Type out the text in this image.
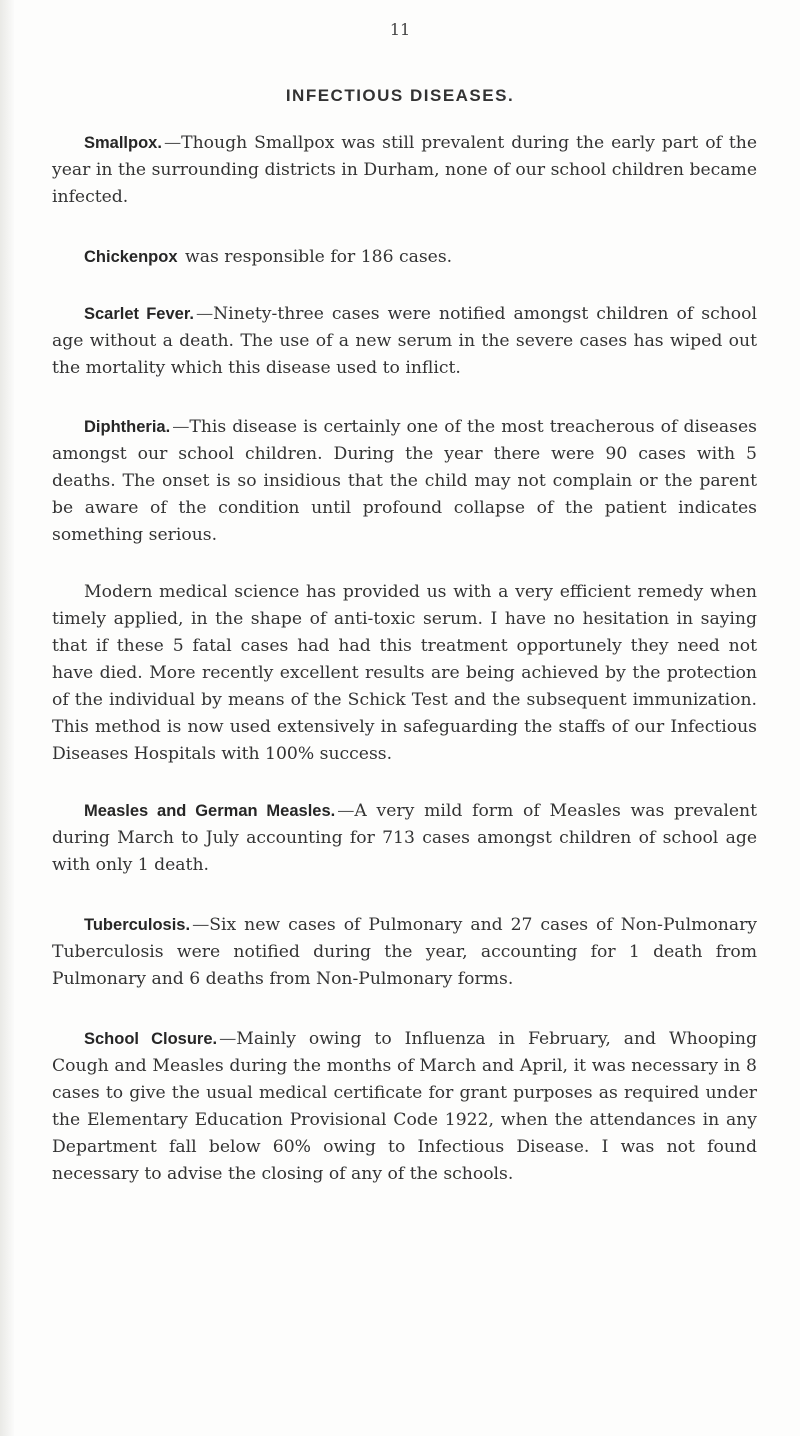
11
INFECTIOUS DISEASES.

Smallpox. —Though Smallpox was still prevalent during the early part of the year in the surrounding districts in Durham, none of our school children became infected.

Chickenpox was responsible for 186 cases.

Scarlet Fever. —Ninety-three cases were notified amongst children of school age without a death. The use of a new serum in the severe cases has wiped out the mortality which this disease used to inflict.

Diphtheria. —This disease is certainly one of the most treacherous of diseases amongst our school children. During the year there were 90 cases with 5 deaths. The onset is so insidious that the child may not complain or the parent be aware of the condition until profound collapse of the patient indicates something serious.

Modern medical science has provided us with a very efficient remedy when timely applied, in the shape of anti-toxic serum. I have no hesitation in saying that if these 5 fatal cases had had this treatment opportunely they need not have died. More recently excellent results are being achieved by the protection of the individual by means of the Schick Test and the subsequent immunization. This method is now used extensively in safeguarding the staffs of our Infectious Diseases Hospitals with 100% success.

Measles and German Measles. —A very mild form of Measles was prevalent during March to July accounting for 713 cases amongst children of school age with only 1 death.

Tuberculosis. —Six new cases of Pulmonary and 27 cases of Non-Pulmonary Tuberculosis were notified during the year, accounting for 1 death from Pulmonary and 6 deaths from Non-Pulmonary forms.

School Closure. —Mainly owing to Influenza in February, and Whooping Cough and Measles during the months of March and April, it was necessary in 8 cases to give the usual medical certificate for grant purposes as required under the Elementary Education Provisional Code 1922, when the attendances in any Department fall below 60% owing to Infectious Disease. I was not found necessary to advise the closing of any of the schools.
